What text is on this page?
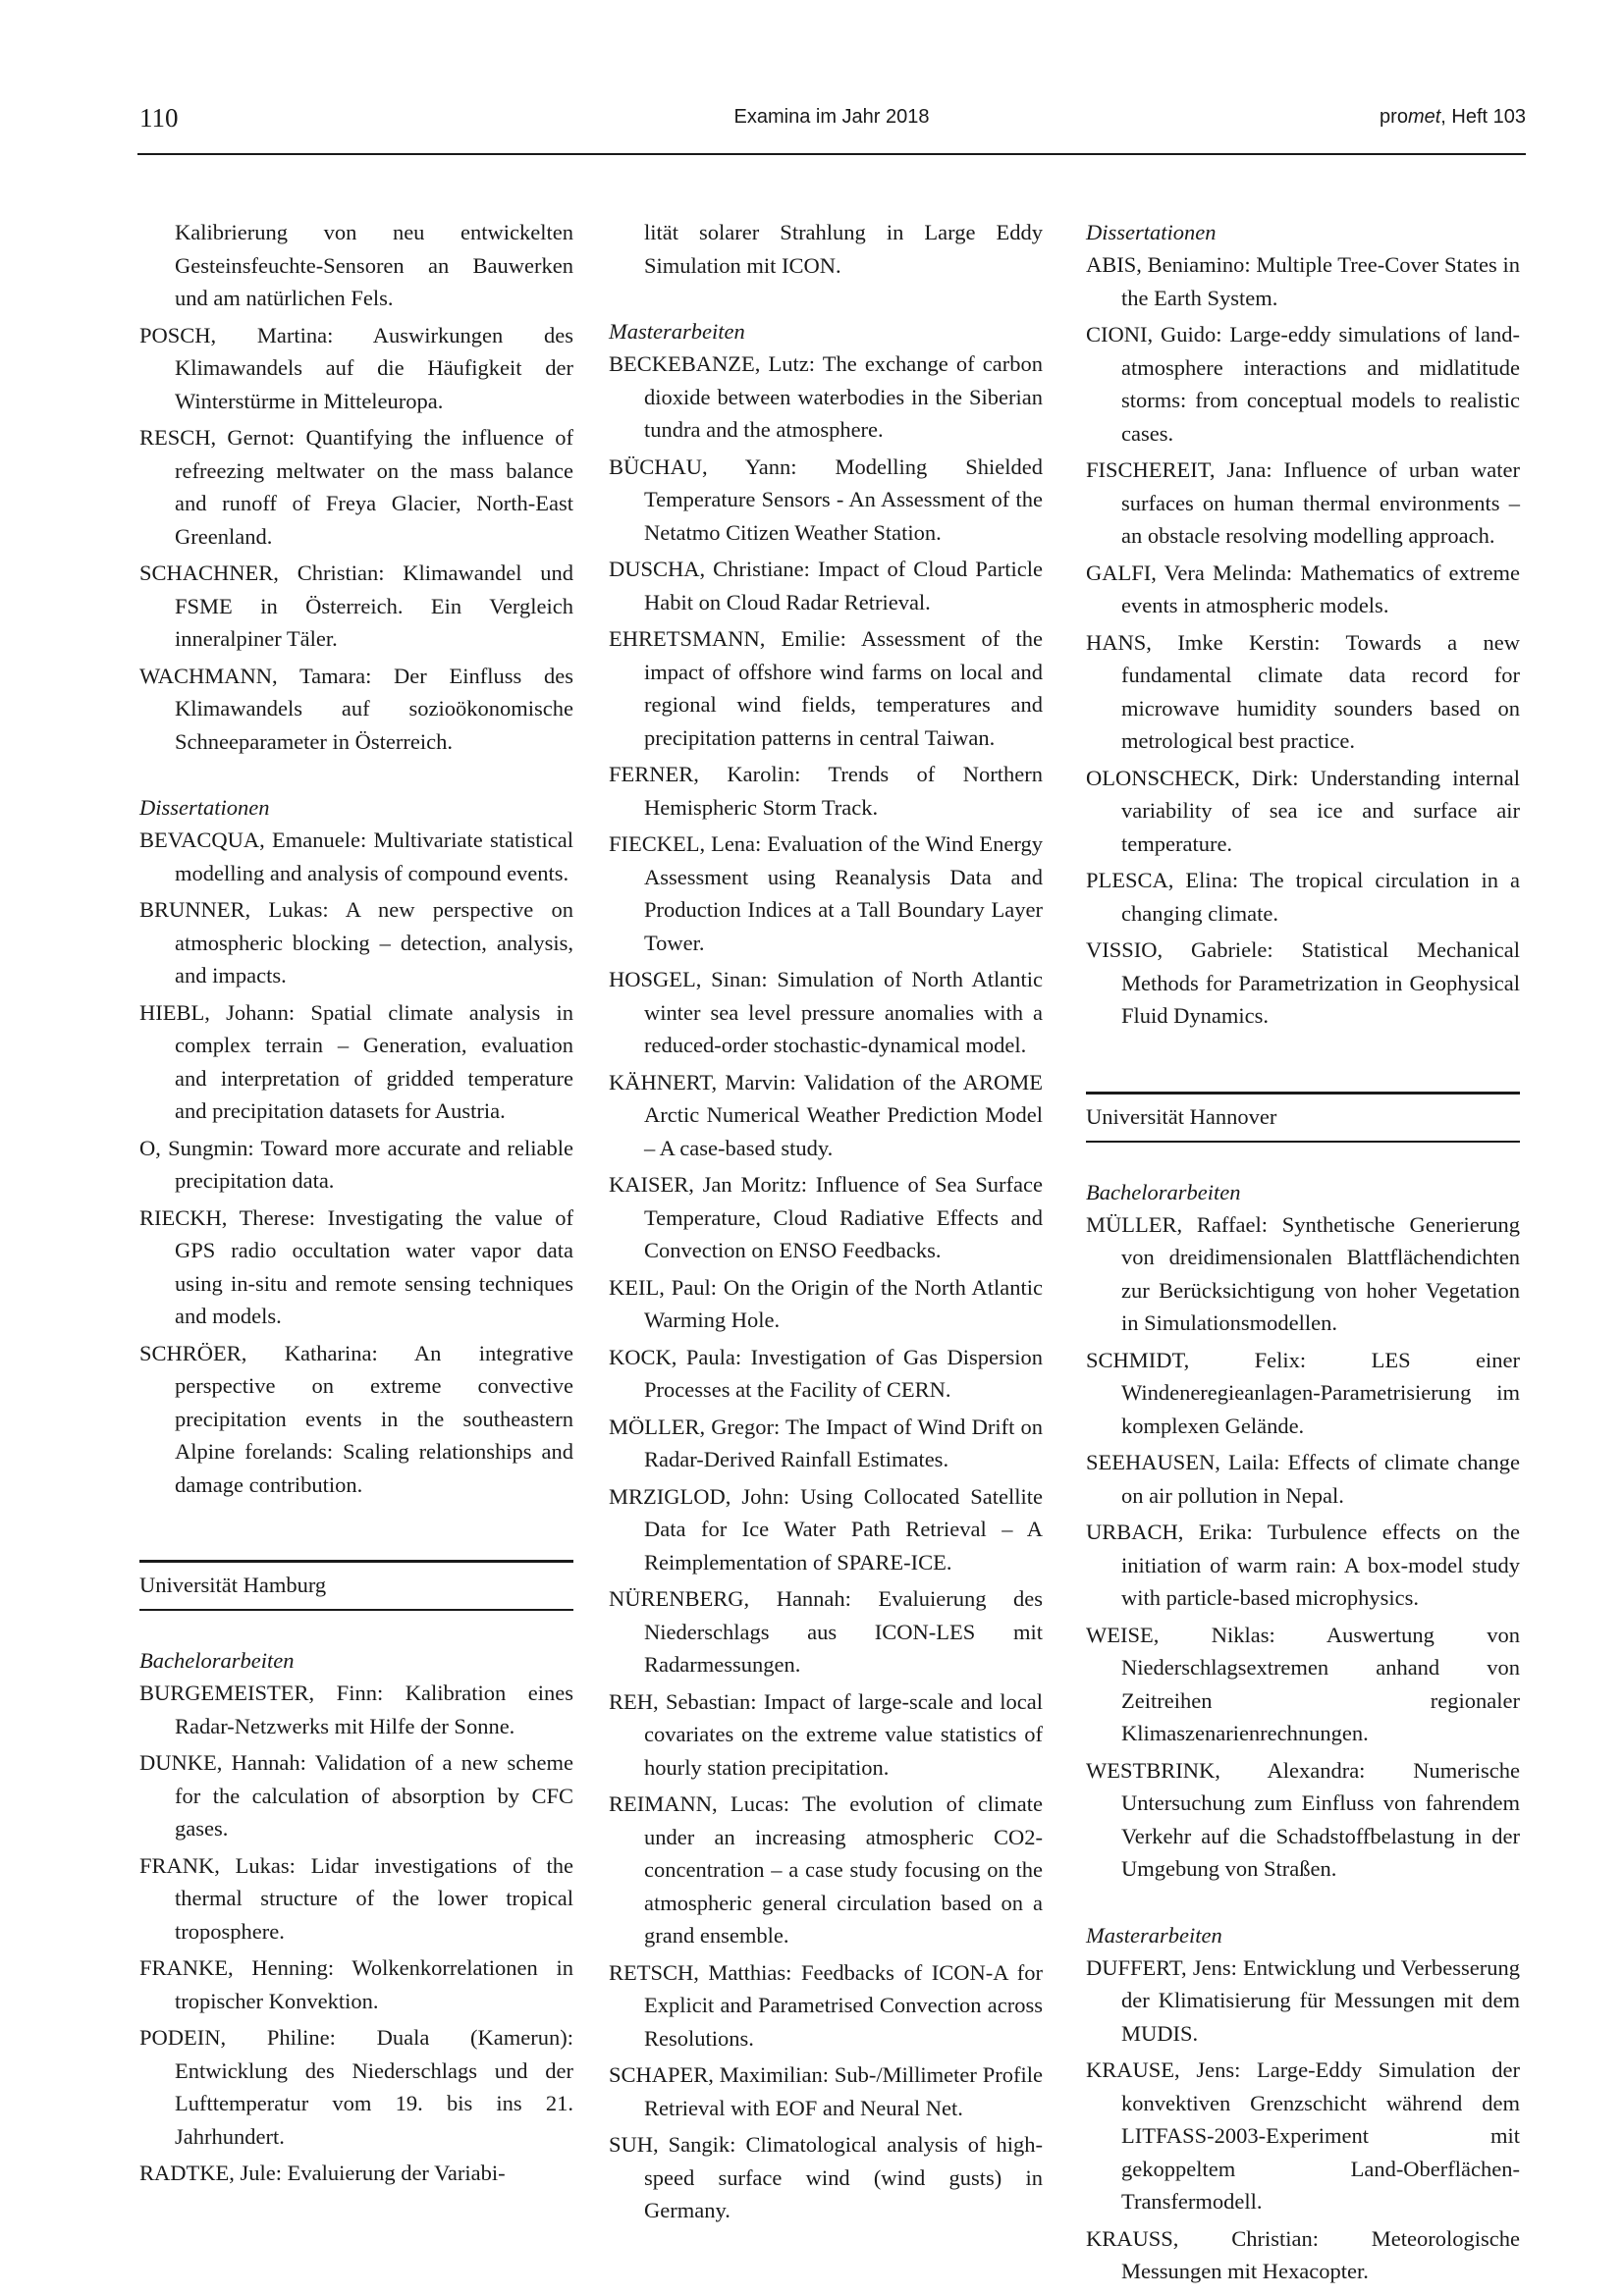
110	Examina im Jahr 2018	promet, Heft 103

Kalibrierung von neu entwickelten Gesteinsfeuchte-Sensoren an Bauwerken und am natürlichen Fels.

POSCH, Martina: Auswirkungen des Klimawandels auf die Häufigkeit der Winterstürme in Mitteleuropa.

RESCH, Gernot: Quantifying the influence of refreezing meltwater on the mass balance and runoff of Freya Glacier, North-East Greenland.

SCHACHNER, Christian: Klimawandel und FSME in Österreich. Ein Vergleich inneralpiner Täler.

WACHMANN, Tamara: Der Einfluss des Klimawandels auf sozioökonomische Schneeparameter in Österreich.

Dissertationen

BEVACQUA, Emanuele: Multivariate statistical modelling and analysis of compound events.

BRUNNER, Lukas: A new perspective on atmospheric blocking – detection, analysis, and impacts.

HIEBL, Johann: Spatial climate analysis in complex terrain – Generation, evaluation and interpretation of gridded temperature and precipitation datasets for Austria.

O, Sungmin: Toward more accurate and reliable precipitation data.

RIECKH, Therese: Investigating the value of GPS radio occultation water vapor data using in-situ and remote sensing techniques and models.

SCHRÖER, Katharina: An integrative perspective on extreme convective precipitation events in the southeastern Alpine forelands: Scaling relationships and damage contribution.

Universität Hamburg

Bachelorarbeiten

BURGEMEISTER, Finn: Kalibration eines Radar-Netzwerks mit Hilfe der Sonne.

DUNKE, Hannah: Validation of a new scheme for the calculation of absorption by CFC gases.

FRANK, Lukas: Lidar investigations of the thermal structure of the lower tropical troposphere.

FRANKE, Henning: Wolkenkorrelationen in tropischer Konvektion.

PODEIN, Philine: Duala (Kamerun): Entwicklung des Niederschlags und der Lufttemperatur vom 19. bis ins 21. Jahrhundert.

RADTKE, Jule: Evaluierung der Variabi-

lität solarer Strahlung in Large Eddy Simulation mit ICON.

Masterarbeiten

BECKEBANZE, Lutz: The exchange of carbon dioxide between waterbodies in the Siberian tundra and the atmosphere.

BÜCHAU, Yann: Modelling Shielded Temperature Sensors - An Assessment of the Netatmo Citizen Weather Station.

DUSCHA, Christiane: Impact of Cloud Particle Habit on Cloud Radar Retrieval.

EHRETSMANN, Emilie: Assessment of the impact of offshore wind farms on local and regional wind fields, temperatures and precipitation patterns in central Taiwan.

FERNER, Karolin: Trends of Northern Hemispheric Storm Track.

FIECKEL, Lena: Evaluation of the Wind Energy Assessment using Reanalysis Data and Production Indices at a Tall Boundary Layer Tower.

HOSGEL, Sinan: Simulation of North Atlantic winter sea level pressure anomalies with a reduced-order stochastic-dynamical model.

KÄHNERT, Marvin: Validation of the AROME Arctic Numerical Weather Prediction Model – A case-based study.

KAISER, Jan Moritz: Influence of Sea Surface Temperature, Cloud Radiative Effects and Convection on ENSO Feedbacks.

KEIL, Paul: On the Origin of the North Atlantic Warming Hole.

KOCK, Paula: Investigation of Gas Dispersion Processes at the Facility of CERN.

MÖLLER, Gregor: The Impact of Wind Drift on Radar-Derived Rainfall Estimates.

MRZIGLOD, John: Using Collocated Satellite Data for Ice Water Path Retrieval – A Reimplementation of SPARE-ICE.

NÜRENBERG, Hannah: Evaluierung des Niederschlags aus ICON-LES mit Radarmessungen.

REH, Sebastian: Impact of large-scale and local covariates on the extreme value statistics of hourly station precipitation.

REIMANN, Lucas: The evolution of climate under an increasing atmospheric CO2-concentration – a case study focusing on the atmospheric general circulation based on a grand ensemble.

RETSCH, Matthias: Feedbacks of ICON-A for Explicit and Parametrised Convection across Resolutions.

SCHAPER, Maximilian: Sub-/Millimeter Profile Retrieval with EOF and Neural Net.

SUH, Sangik: Climatological analysis of high-speed surface wind (wind gusts) in Germany.

Dissertationen

ABIS, Beniamino: Multiple Tree-Cover States in the Earth System.

CIONI, Guido: Large-eddy simulations of land-atmosphere interactions and midlatitude storms: from conceptual models to realistic cases.

FISCHEREIT, Jana: Influence of urban water surfaces on human thermal environments – an obstacle resolving modelling approach.

GALFI, Vera Melinda: Mathematics of extreme events in atmospheric models.

HANS, Imke Kerstin: Towards a new fundamental climate data record for microwave humidity sounders based on metrological best practice.

OLONSCHECK, Dirk: Understanding internal variability of sea ice and surface air temperature.

PLESCA, Elina: The tropical circulation in a changing climate.

VISSIO, Gabriele: Statistical Mechanical Methods for Parametrization in Geophysical Fluid Dynamics.

Universität Hannover

Bachelorarbeiten

MÜLLER, Raffael: Synthetische Generierung von dreidimensionalen Blattflächendichten zur Berücksichtigung von hoher Vegetation in Simulationsmodellen.

SCHMIDT, Felix: LES einer Windeneregieanlagen-Parametrisierung im komplexen Gelände.

SEEHAUSEN, Laila: Effects of climate change on air pollution in Nepal.

URBACH, Erika: Turbulence effects on the initiation of warm rain: A box-model study with particle-based microphysics.

WEISE, Niklas: Auswertung von Niederschlagsextremen anhand von Zeitreihen regionaler Klimaszenarienrechnungen.

WESTBRINK, Alexandra: Numerische Untersuchung zum Einfluss von fahrendem Verkehr auf die Schadstoffbelastung in der Umgebung von Straßen.

Masterarbeiten

DUFFERT, Jens: Entwicklung und Verbesserung der Klimatisierung für Messungen mit dem MUDIS.

KRAUSE, Jens: Large-Eddy Simulation der konvektiven Grenzschicht während dem LITFASS-2003-Experiment mit gekoppeltem Land-Oberflächen-Transfermodell.

KRAUSS, Christian: Meteorologische Messungen mit Hexacopter.
